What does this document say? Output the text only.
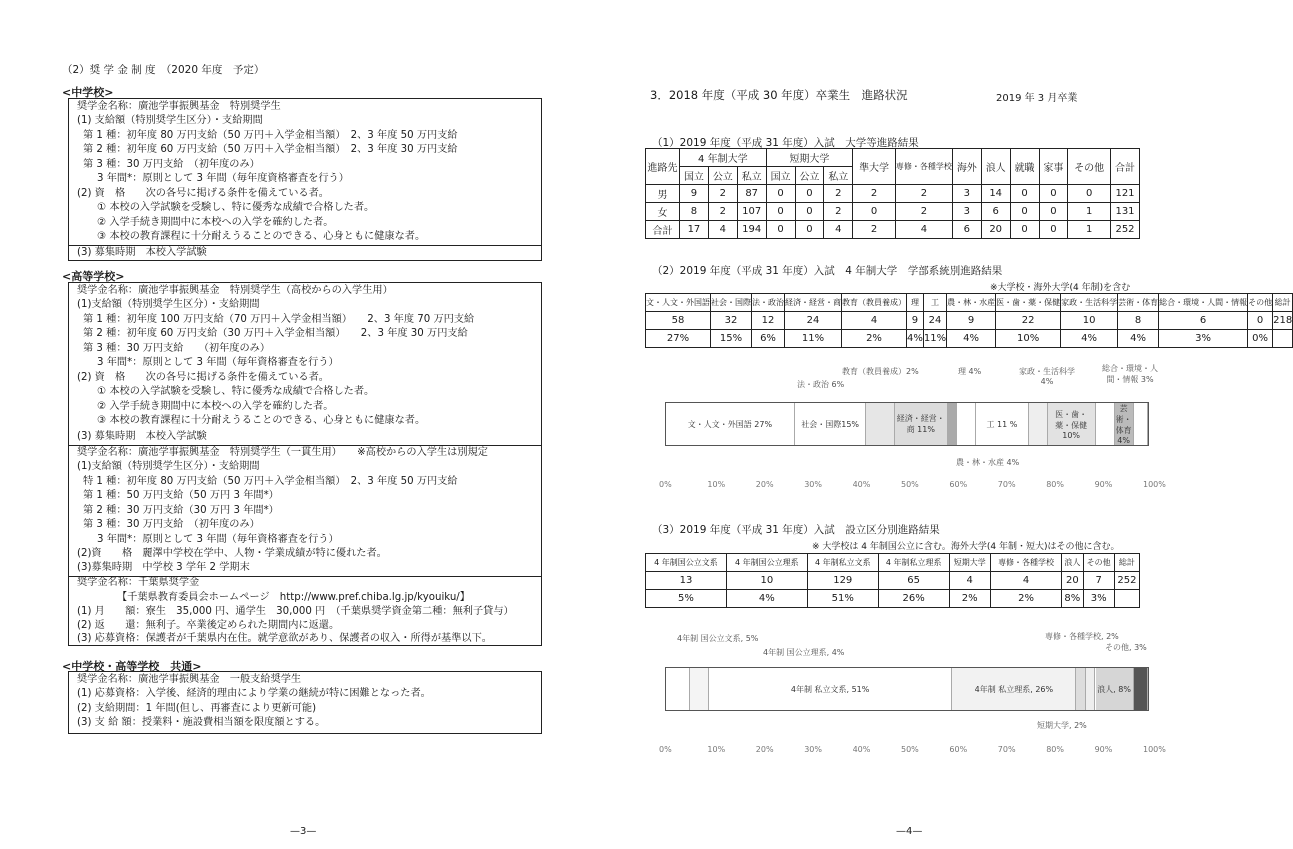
（2）奨 学 金 制 度　（2020 年度　予定）
<中学校>
奨学金名称：廣池学事振興基金　特別奨学生
(1) 支給額（特別奨学生区分）・支給期間
第 1 種：初年度 80 万円支給（50 万円＋入学金相当額）　2、3 年度 50 万円支給
第 2 種：初年度 60 万円支給（50 万円＋入学金相当額）　2、3 年度 30 万円支給
第 3 種：30 万円支給　（初年度のみ）
3 年間*：原則として 3 年間（毎年度資格審査を行う）
(2) 資　格　　次の各号に掲げる条件を備えている者。
① 本校の入学試験を受験し、特に優秀な成績で合格した者。
② 入学手続き期間中に本校への入学を確約した者。
③ 本校の教育課程に十分耐えうることのできる、心身ともに健康な者。
(3) 募集時期　本校入学試験
<高等学校>
奨学金名称：廣池学事振興基金　特別奨学生（高校からの入学生用）
(1)支給額（特別奨学生区分）・支給期間
第 1 種：初年度 100 万円支給（70 万円＋入学金相当額）　　2、3 年度 70 万円支給
第 2 種：初年度 60 万円支給（30 万円＋入学金相当額）　　2、3 年度 30 万円支給
第 3 種：30 万円支給　　（初年度のみ）
3 年間*：原則として 3 年間（毎年資格審査を行う）
(2) 資　格　　次の各号に掲げる条件を備えている者。
① 本校の入学試験を受験し、特に優秀な成績で合格した者。
② 入学手続き期間中に本校への入学を確約した者。
③ 本校の教育課程に十分耐えうることのできる、心身ともに健康な者。
(3) 募集時期　本校入学試験
奨学金名称：廣池学事振興基金　特別奨学生（一貫生用）　　※高校からの入学生は別規定
(1)支給額（特別奨学生区分）・支給期間
特 1 種：初年度 80 万円支給（50 万円＋入学金相当額）　2、3 年度 50 万円支給
第 1 種：50 万円支給（50 万円 3 年間*）
第 2 種：30 万円支給（30 万円 3 年間*）
第 3 種：30 万円支給　（初年度のみ）
3 年間*：原則として 3 年間（毎年資格審査を行う）
(2)資　　格　麗澤中学校在学中、人物・学業成績が特に優れた者。
(3)募集時期　中学校 3 学年 2 学期末
奨学金名称：千葉県奨学金
【千葉県教育委員会ホームページ　http://www.pref.chiba.lg.jp/kyouiku/】
(1) 月　　額：寮生　35,000 円、通学生　30,000 円　（千葉県奨学資金第二種：無利子貸与）
(2) 返　　還：無利子。卒業後定められた期間内に返還。
(3) 応募資格：保護者が千葉県内在住。就学意欲があり、保護者の収入・所得が基準以下。
<中学校・高等学校　共通>
奨学金名称：廣池学事振興基金　一般支給奨学生
(1) 応募資格：入学後、経済的理由により学業の継続が特に困難となった者。
(2) 支給期間：1 年間(但し、再審査により更新可能)
(3) 支 給 額：授業料・施設費相当額を限度額とする。
—3—
3．2018 年度（平成 30 年度）卒業生　進路状況	2019 年 3 月卒業
（1）2019 年度（平成 31 年度）入試　大学等進路結果
進路先	4 年制大学			短期大学			準大学	専修・各種学校	海外	浪人	就職	家事	その他	合計
	国立	公立	私立	国立	公立	私立								
男	9	2	87	0	0	2	2	2	3	14	0	0	0	121
女	8	2	107	0	0	2	0	2	3	6	0	0	1	131
合計	17	4	194	0	0	4	2	4	6	20	0	0	1	252
（2）2019 年度（平成 31 年度）入試　4 年制大学　学部系統別進路結果
※大学校・海外大学(4 年制)を含む
文・人文・外国語	社会・国際	法・政治	経済・経営・商	教育（教員養成）	理	工	農・林・水産	医・歯・薬・保健	家政・生活科学	芸術・体育	総合・環境・人間・情報	その他	総計
58	32	12	24	4	9	24	9	22	10	8	6	0	218
27%	15%	6%	11%	2%	4%	11%	4%	10%	4%	4%	3%	0%	
教育（教員養成）2%
法・政治 6%
理 4%	家政・生活科学 4%
総合・環境・人間・情報 3%
農・林・水産 4%
文・人文・外国語 27%	社会・国際15%
経済・経営・商 11%
工 11 %
医・歯・薬・保健 10%
芸術・体育 4%
0%	10%	20%	30%	40%	50%	60%	70%	80%	90%	100%
（3）2019 年度（平成 31 年度）入試　設立区分別進路結果
※ 大学校は 4 年制国公立に含む。海外大学(4 年制・短大)はその他に含む。
4 年制国公立文系	4 年制国公立理系	4 年制私立文系	4 年制私立理系	短期大学	専修・各種学校	浪人	その他	総計
13	10	129	65	4	4	20	7	252
5%	4%	51%	26%	2%	2%	8%	3%	
4年制 国公立文系, 5%
4年制 国公立理系, 4%
専修・各種学校, 2%
その他, 3%
短期大学, 2%
4年制 私立文系, 51%	4年制 私立理系, 26%	浪人, 8%
0%	10%	20%	30%	40%	50%	60%	70%	80%	90%	100%
—4—
